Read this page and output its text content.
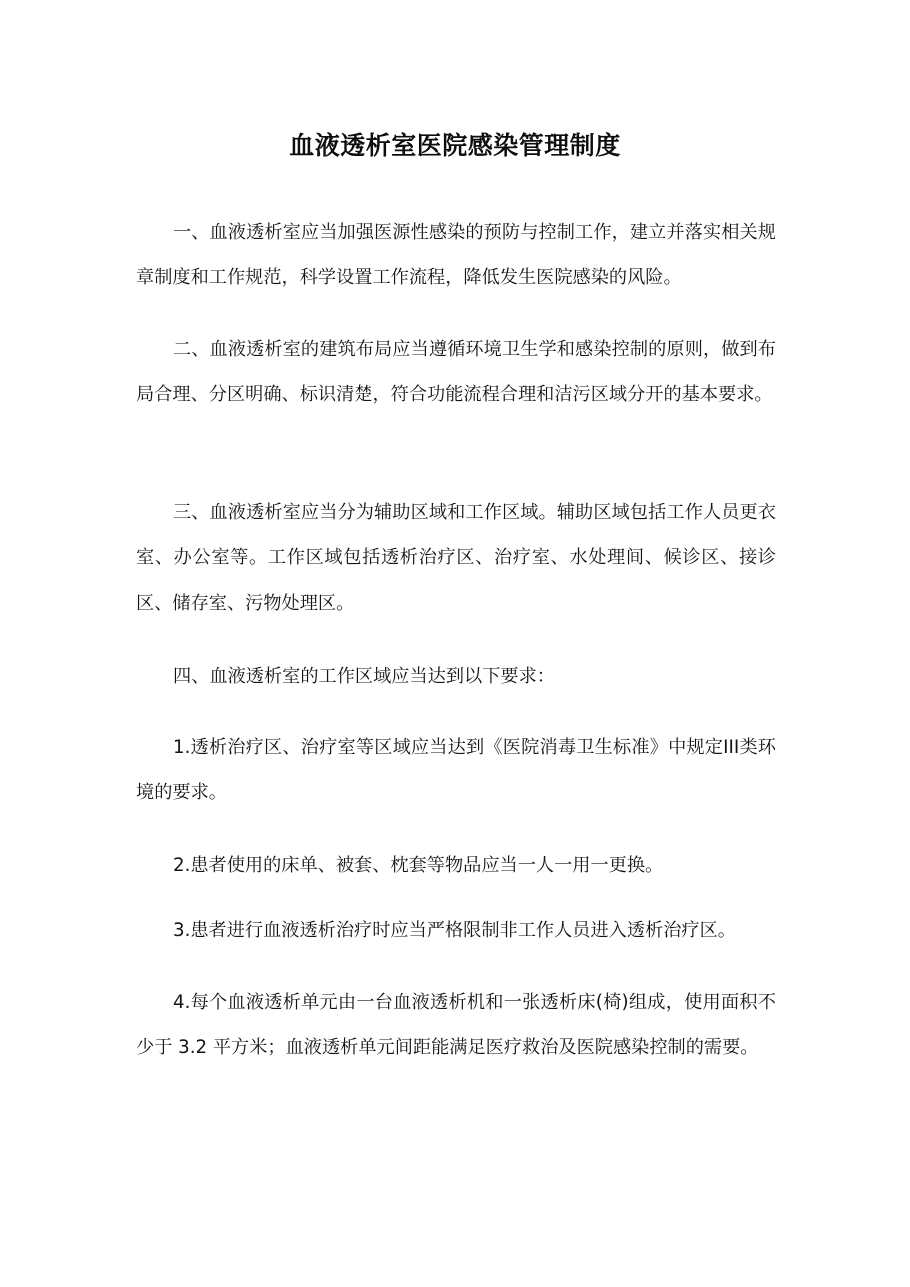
血液透析室医院感染管理制度

一、血液透析室应当加强医源性感染的预防与控制工作，建立并落实相关规章制度和工作规范，科学设置工作流程，降低发生医院感染的风险。

二、血液透析室的建筑布局应当遵循环境卫生学和感染控制的原则，做到布局合理、分区明确、标识清楚，符合功能流程合理和洁污区域分开的基本要求。

三、血液透析室应当分为辅助区域和工作区域。辅助区域包括工作人员更衣室、办公室等。工作区域包括透析治疗区、治疗室、水处理间、候诊区、接诊区、储存室、污物处理区。

四、血液透析室的工作区域应当达到以下要求：

1.透析治疗区、治疗室等区域应当达到《医院消毒卫生标准》中规定III类环境的要求。

2.患者使用的床单、被套、枕套等物品应当一人一用一更换。

3.患者进行血液透析治疗时应当严格限制非工作人员进入透析治疗区。

4.每个血液透析单元由一台血液透析机和一张透析床(椅)组成，使用面积不少于 3.2 平方米；血液透析单元间距能满足医疗救治及医院感染控制的需要。
